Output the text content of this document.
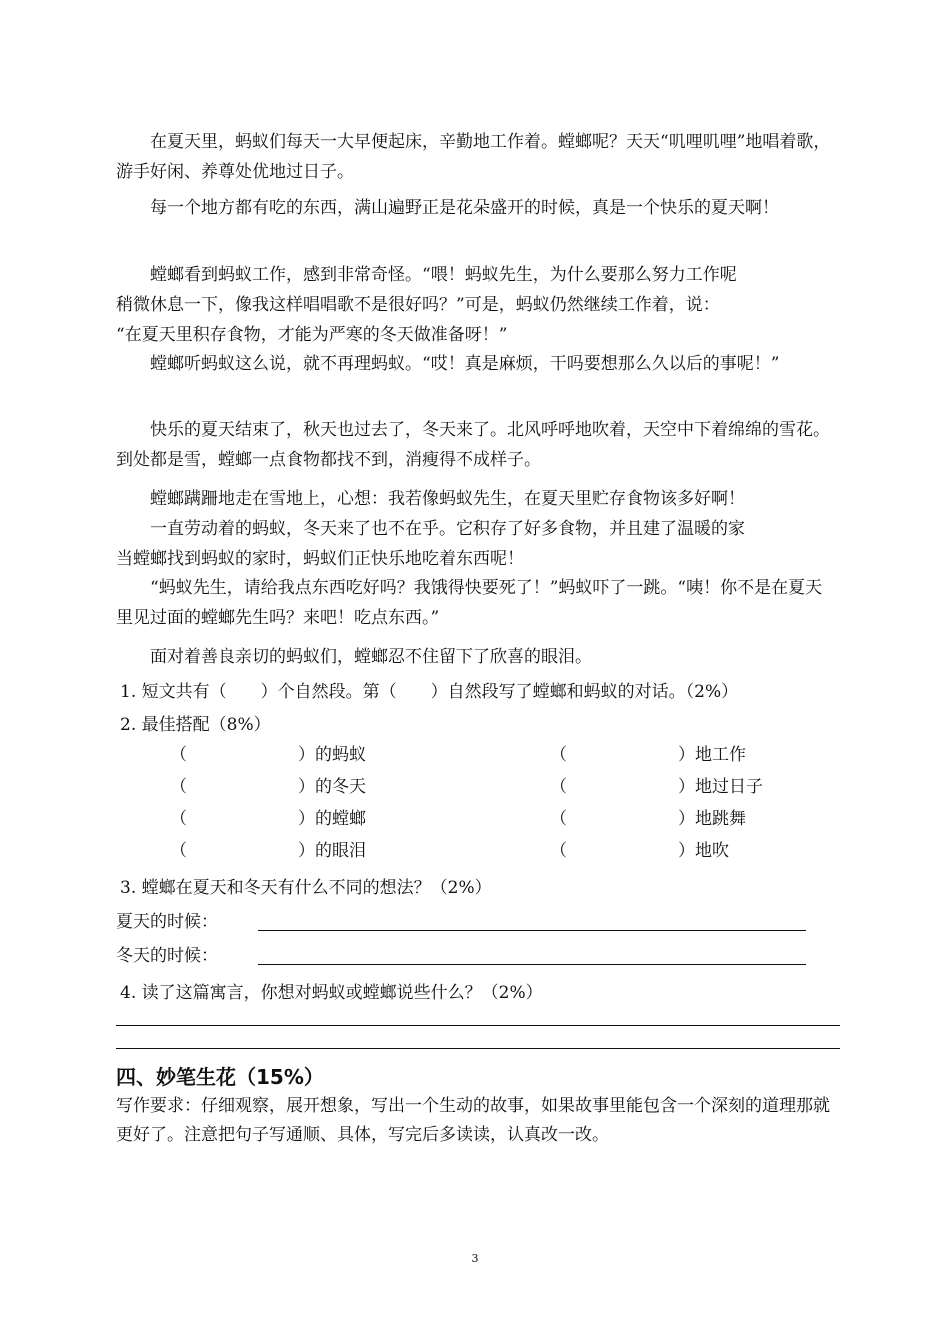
在夏天里，蚂蚁们每天一大早便起床，辛勤地工作着。螳螂呢？天天“叽哩叽哩”地唱着歌，游手好闲、养尊处优地过日子。

每一个地方都有吃的东西，满山遍野正是花朵盛开的时候，真是一个快乐的夏天啊！

螳螂看到蚂蚁工作，感到非常奇怪。“喂！蚂蚁先生，为什么要那么努力工作呢
稍微休息一下，像我这样唱唱歌不是很好吗？”可是，蚂蚁仍然继续工作着，说：
“在夏天里积存食物，才能为严寒的冬天做准备呀！”

螳螂听蚂蚁这么说，就不再理蚂蚁。“哎！真是麻烦，干吗要想那么久以后的事呢！”

快乐的夏天结束了，秋天也过去了，冬天来了。北风呼呼地吹着，天空中下着绵绵的雪花。到处都是雪，螳螂一点食物都找不到，消瘦得不成样子。

螳螂蹒跚地走在雪地上，心想：我若像蚂蚁先生，在夏天里贮存食物该多好啊！
一直劳动着的蚂蚁，冬天来了也不在乎。它积存了好多食物，并且建了温暖的家
当螳螂找到蚂蚁的家时，蚂蚁们正快乐地吃着东西呢！

“蚂蚁先生，请给我点东西吃好吗？我饿得快要死了！”蚂蚁吓了一跳。“咦！你不是在夏天里见过面的螳螂先生吗？来吧！吃点东西。”

面对着善良亲切的蚂蚁们，螳螂忍不住留下了欣喜的眼泪。
1. 短文共有（　　）个自然段。第（　　）自然段写了螳螂和蚂蚁的对话。（2%）
2. 最佳搭配（8%）
（	）的蚂蚁	（	）地工作
（	）的冬天	（	）地过日子
（	）的螳螂	（	）地跳舞
（	）的眼泪	（	）地吹
3. 螳螂在夏天和冬天有什么不同的想法？（2%）
夏天的时候：
冬天的时候：
4. 读了这篇寓言，你想对蚂蚁或螳螂说些什么？（2%）
四、妙笔生花（15%）
写作要求：仔细观察，展开想象，写出一个生动的故事，如果故事里能包含一个深刻的道理那就更好了。注意把句子写通顺、具体，写完后多读读，认真改一改。
3
